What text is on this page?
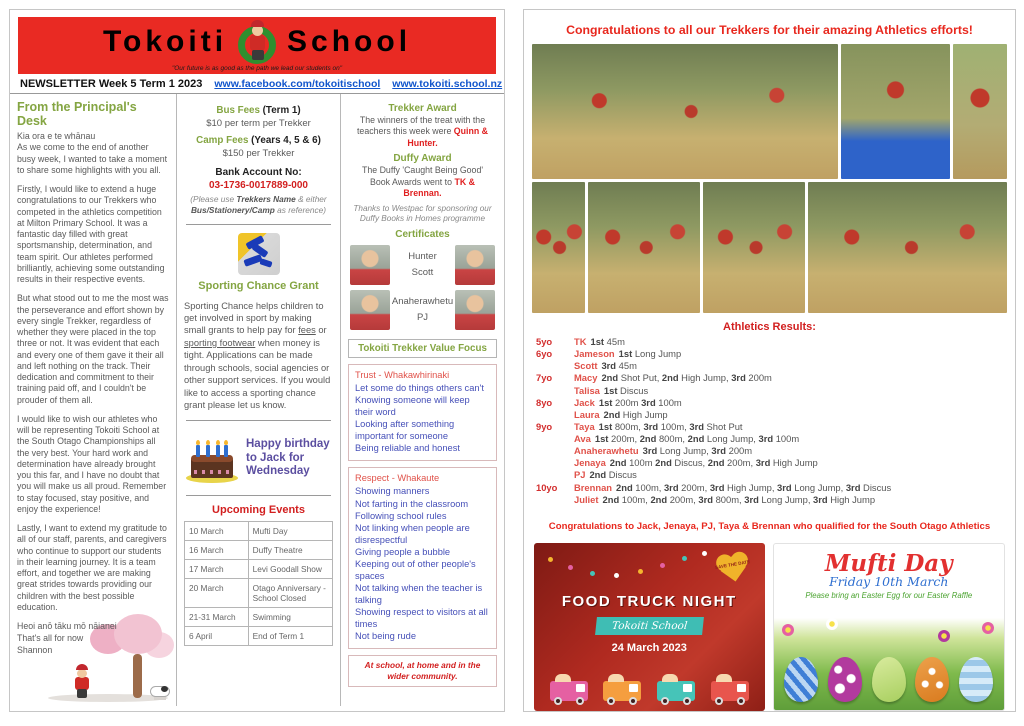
Tokoiti School
"Our future is as good as the path we lead our students on"
NEWSLETTER Week 5 Term 1 2023 www.facebook.com/tokoitischool www.tokoiti.school.nz
From the Principal's Desk
Kia ora e te whānau
As we come to the end of another busy week, I wanted to take a moment to share some highlights with you all.
Firstly, I would like to extend a huge congratulations to our Trekkers who competed in the athletics competition at Milton Primary School. It was a fantastic day filled with great sportsmanship, determination, and team spirit. Our athletes performed brilliantly, achieving some outstanding results in their respective events.
But what stood out to me the most was the perseverance and effort shown by every single Trekker, regardless of whether they were placed in the top three or not. It was evident that each and every one of them gave it their all and left nothing on the track. Their dedication and commitment to their training paid off, and I couldn't be prouder of them all.
I would like to wish our athletes who will be representing Tokoiti School at the South Otago Championships all the very best. Your hard work and determination have already brought you this far, and I have no doubt that you will make us all proud. Remember to stay focused, stay positive, and enjoy the experience!
Lastly, I want to extend my gratitude to all of our staff, parents, and caregivers who continue to support our students in their learning journey. It is a team effort, and together we are making great strides towards providing our children with the best possible education.
Heoi anō tāku mō nāianei
That's all for now
Shannon
Bus Fees (Term 1)
$10 per term per Trekker
Camp Fees (Years 4, 5 & 6)
$150 per Trekker
Bank Account No:
03-1736-0017889-000
(Please use Trekkers Name & either Bus/Stationery/Camp as reference)
Sporting Chance Grant
Sporting Chance helps children to get involved in sport by making small grants to help pay for fees or sporting footwear when money is tight. Applications can be made through schools, social agencies or other support services. If you would like to access a sporting chance grant please let us know.
Happy birthday to Jack for Wednesday
Upcoming Events
10 March	Mufti Day
16 March	Duffy Theatre
17 March	Levi Goodall Show
20 March	Otago Anniversary - School Closed
21-31 March	Swimming
6 April	End of Term 1
Trekker Award
The winners of the treat with the teachers this week were Quinn & Hunter.
Duffy Award
The Duffy 'Caught Being Good' Book Awards went to TK & Brennan.
Thanks to Westpac for sponsoring our Duffy Books in Homes programme
Certificates
Hunter
Scott
Anaherawhetu
PJ
Tokoiti Trekker Value Focus
Trust - Whakawhirinaki
Let some do things others can't
Knowing someone will keep their word
Looking after something important for someone
Being reliable and honest
Respect - Whakaute
Showing manners
Not farting in the classroom
Following school rules
Not linking when people are disrespectful
Giving people a bubble
Keeping out of other people's spaces
Not talking when the teacher is talking
Showing respect to visitors at all times
Not being rude
At school, at home and in the wider community.
Congratulations to all our Trekkers for their amazing Athletics efforts!
Athletics Results:
5yo	TK 1st 45m
6yo	Jameson 1st Long Jump
Scott 3rd 45m
7yo	Macy 2nd Shot Put, 2nd High Jump, 3rd 200m
Talisa 1st Discus
8yo	Jack 1st 200m 3rd 100m
Laura 2nd High Jump
9yo	Taya 1st 800m, 3rd 100m, 3rd Shot Put
Ava 1st 200m, 2nd 800m, 2nd Long Jump, 3rd 100m
Anaherawhetu 3rd Long Jump, 3rd 200m
Jenaya 2nd 100m 2nd Discus, 2nd 200m, 3rd High Jump
PJ 2nd Discus
10yo	Brennan 2nd 100m, 3rd 200m, 3rd High Jump, 3rd Long Jump, 3rd Discus
Juliet 2nd 100m, 2nd 200m, 3rd 800m, 3rd Long Jump, 3rd High Jump
Congratulations to Jack, Jenaya, PJ, Taya & Brennan who qualified for the South Otago Athletics
SAVE THE DATE
FOOD TRUCK NIGHT
Tokoiti School
24 March 2023
Mufti Day
Friday 10th March
Please bring an Easter Egg for our Easter Raffle
